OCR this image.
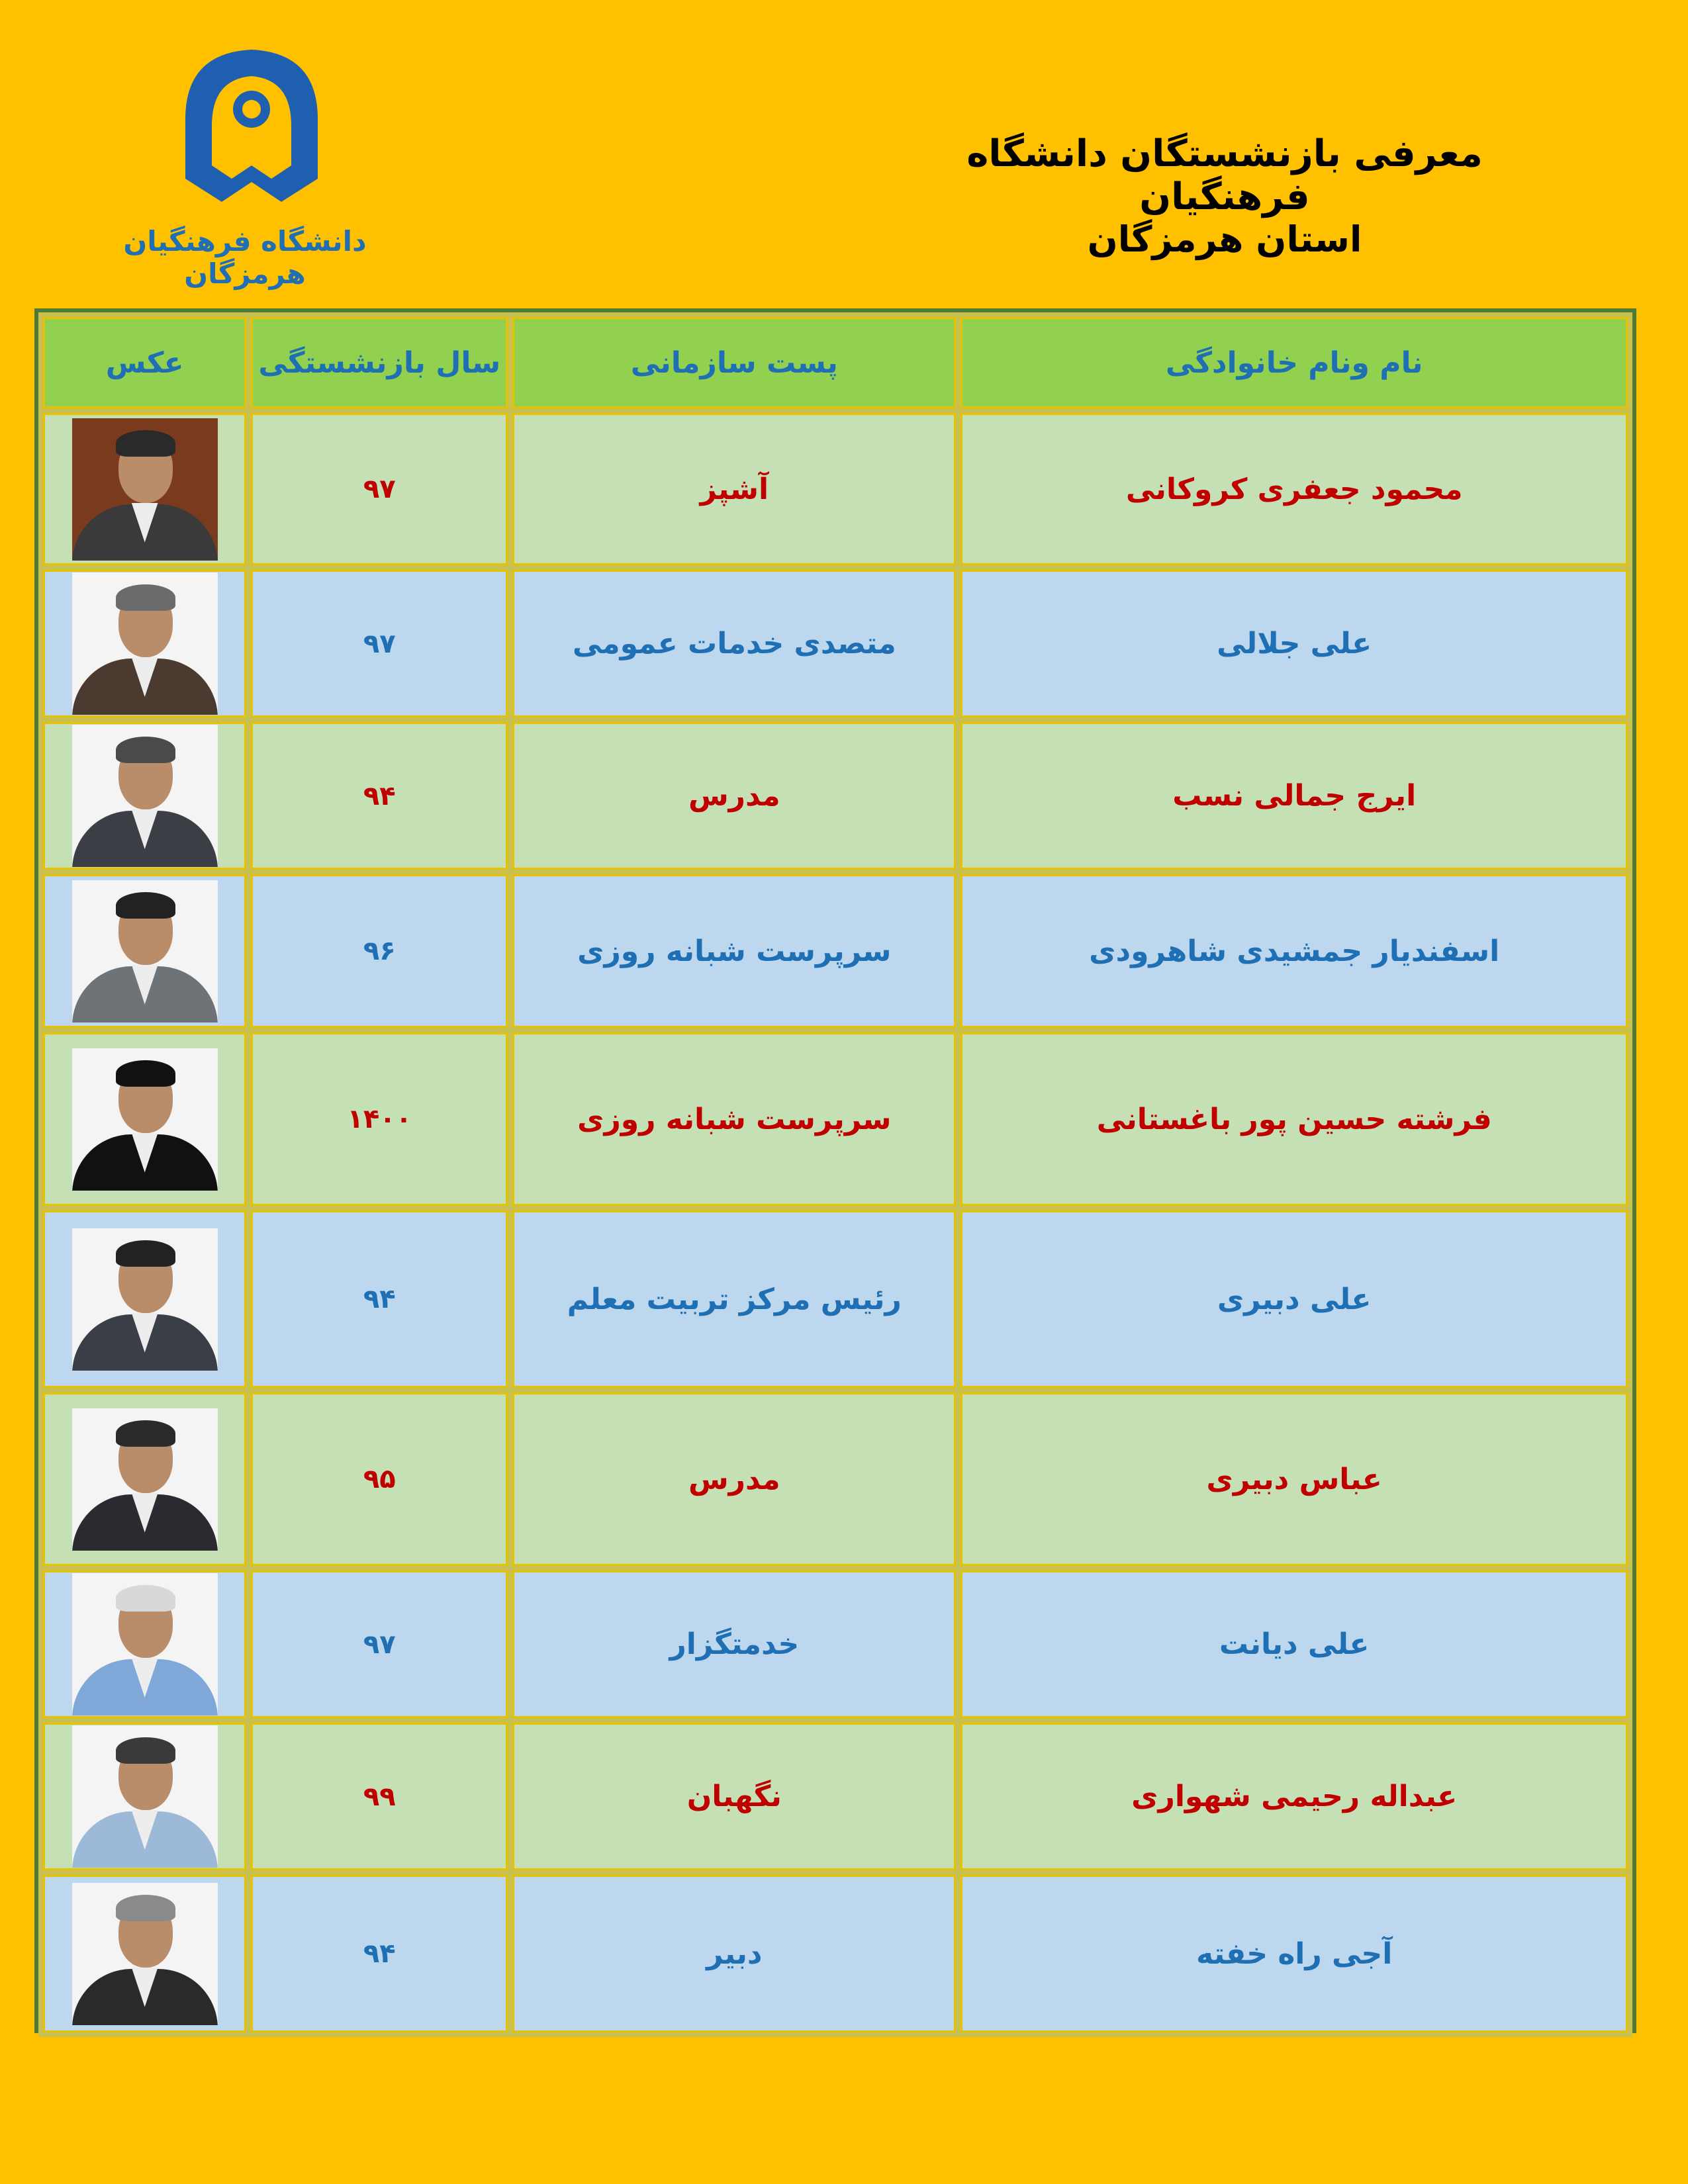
دانشگاه فرهنگیان هرمزگان
معرفی بازنشستگان دانشگاه فرهنگیان
استان هرمزگان
عکس	سال بازنشستگی	پست سازمانی	نام ونام خانوادگی

	۹۷	آشپز	محمود جعفری کروکانی

	۹۷	متصدی خدمات عمومی	علی جلالی

	۹۴	مدرس	ایرج جمالی نسب

	۹۶	سرپرست شبانه روزی	اسفندیار جمشیدی شاهرودی

	۱۴۰۰	سرپرست شبانه روزی	فرشته حسین پور باغستانی

	۹۴	رئیس مرکز تربیت معلم	علی دبیری

	۹۵	مدرس	عباس دبیری

	۹۷	خدمتگزار	علی دیانت

	۹۹	نگهبان	عبداله رحیمی شهواری

	۹۴	دبیر	آجی راه خفته
